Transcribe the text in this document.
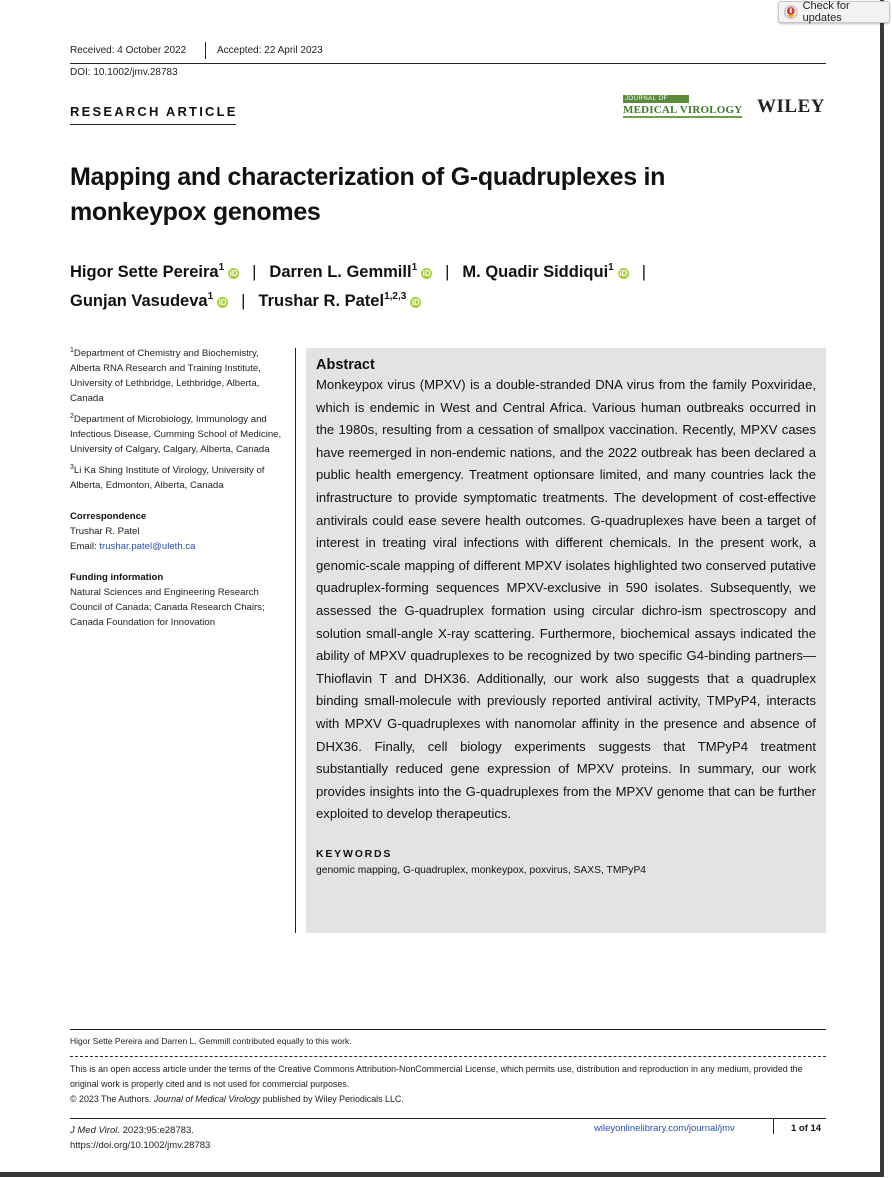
Check for updates
Received: 4 October 2022	Accepted: 22 April 2023
DOI: 10.1002/jmv.28783
RESEARCH ARTICLE
JOURNAL OF
MEDICAL VIROLOGY WILEY
Mapping and characterization of G-quadruplexes in monkeypox genomes
Higor Sette Pereira$^1$iD | Darren L. Gemmill$^1$iD | M. Quadir Siddiqui$^1$iD |
Gunjan Vasudeva$^1$iD | Trushar R. Patel$^{1,2,3}$iD
$^1$Department of Chemistry and Biochemistry, Alberta RNA Research and Training Institute, University of Lethbridge, Lethbridge, Alberta, Canada
$^2$Department of Microbiology, Immunology and Infectious Disease, Cumming School of Medicine, University of Calgary, Calgary, Alberta, Canada
$^3$Li Ka Shing Institute of Virology, University of Alberta, Edmonton, Alberta, Canada
Correspondence
Trushar R. Patel
Email: trushar.patel@uleth.ca
Funding information
Natural Sciences and Engineering Research Council of Canada; Canada Research Chairs; Canada Foundation for Innovation
Abstract
Monkeypox virus (MPXV) is a double-stranded DNA virus from the family Poxviridae, which is endemic in West and Central Africa. Various human outbreaks occurred in the 1980s, resulting from a cessation of smallpox vaccination. Recently, MPXV cases have reemerged in non-endemic nations, and the 2022 outbreak has been declared a public health emergency. Treatment optionsare limited, and many countries lack the infrastructure to provide symptomatic treatments. The development of cost-effective antivirals could ease severe health outcomes. G-quadruplexes have been a target of interest in treating viral infections with different chemicals. In the present work, a genomic-scale mapping of different MPXV isolates highlighted two conserved putative quadruplex-forming sequences MPXV-exclusive in 590 isolates. Subsequently, we assessed the G-quadruplex formation using circular dichro-ism spectroscopy and solution small-angle X-ray scattering. Furthermore, biochemical assays indicated the ability of MPXV quadruplexes to be recognized by two specific G4-binding partners—Thioflavin T and DHX36. Additionally, our work also suggests that a quadruplex binding small-molecule with previously reported antiviral activity, TMPyP4, interacts with MPXV G-quadruplexes with nanomolar affinity in the presence and absence of DHX36. Finally, cell biology experiments suggests that TMPyP4 treatment substantially reduced gene expression of MPXV proteins. In summary, our work provides insights into the G-quadruplexes from the MPXV genome that can be further exploited to develop therapeutics.
KEYWORDS
genomic mapping, G-quadruplex, monkeypox, poxvirus, SAXS, TMPyP4
Higor Sette Pereira and Darren L. Gemmill contributed equally to this work.
This is an open access article under the terms of the Creative Commons Attribution-NonCommercial License, which permits use, distribution and reproduction in any medium, provided the original work is properly cited and is not used for commercial purposes.
© 2023 The Authors. Journal of Medical Virology published by Wiley Periodicals LLC.
J Med Virol. 2023;95:e28783.
https://doi.org/10.1002/jmv.28783
wileyonlinelibrary.com/journal/jmv	1 of 14
